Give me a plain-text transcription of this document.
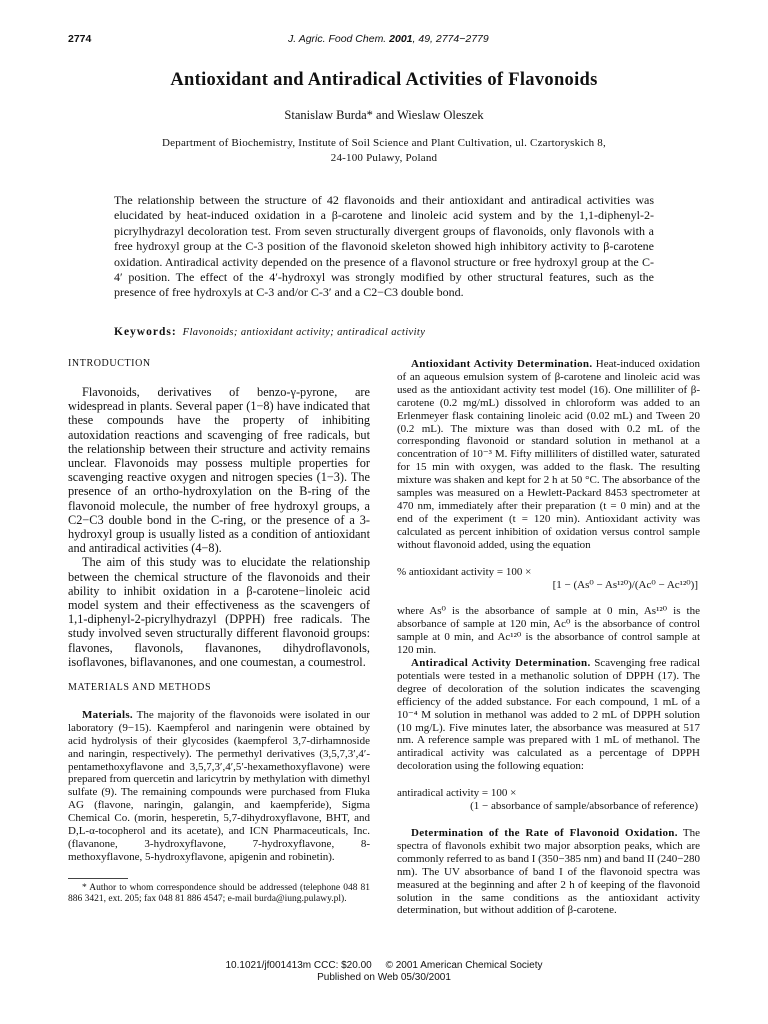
2774	J. Agric. Food Chem. 2001, 49, 2774−2779
Antioxidant and Antiradical Activities of Flavonoids
Stanislaw Burda* and Wieslaw Oleszek
Department of Biochemistry, Institute of Soil Science and Plant Cultivation, ul. Czartoryskich 8,
24-100 Pulawy, Poland
The relationship between the structure of 42 flavonoids and their antioxidant and antiradical activities was elucidated by heat-induced oxidation in a β-carotene and linoleic acid system and by the 1,1-diphenyl-2-picrylhydrazyl decoloration test. From seven structurally divergent groups of flavonoids, only flavonols with a free hydroxyl group at the C-3 position of the flavonoid skeleton showed high inhibitory activity to β-carotene oxidation. Antiradical activity depended on the presence of a flavonol structure or free hydroxyl group at the C-4′ position. The effect of the 4′-hydroxyl was strongly modified by other structural features, such as the presence of free hydroxyls at C-3 and/or C-3′ and a C2−C3 double bond.
Keywords: Flavonoids; antioxidant activity; antiradical activity

INTRODUCTION

Flavonoids, derivatives of benzo-γ-pyrone, are widespread in plants. Several paper (1−8) have indicated that these compounds have the property of inhibiting autoxidation reactions and scavenging of free radicals, but the relationship between their structure and activity remains unclear. Flavonoids may possess multiple properties for scavenging reactive oxygen and nitrogen species (1−3). The presence of an ortho-hydroxylation on the B-ring of the flavonoid molecule, the number of free hydroxyl groups, a C2−C3 double bond in the C-ring, or the presence of a 3-hydroxyl group is usually listed as a condition of antioxidant and antiradical activities (4−8).

The aim of this study was to elucidate the relationship between the chemical structure of the flavonoids and their ability to inhibit oxidation in a β-carotene−linoleic acid model system and their effectiveness as the scavengers of 1,1-diphenyl-2-picrylhydrazyl (DPPH) free radicals. The study involved seven structurally different flavonoid groups: flavones, flavonols, flavanones, dihydroflavonols, isoflavones, biflavanones, and one coumestan, a coumestrol.

MATERIALS AND METHODS

Materials. The majority of the flavonoids were isolated in our laboratory (9−15). Kaempferol and naringenin were obtained by acid hydrolysis of their glycosides (kaempferol 3,7-dirhamnoside and naringin, respectively). The permethyl derivatives (3,5,7,3′,4′-pentamethoxyflavone and 3,5,7,3′,4′,5′-hexamethoxyflavone) were prepared from quercetin and laricytrin by methylation with dimethyl sulfate (9). The remaining compounds were purchased from Fluka AG (flavone, naringin, galangin, and kaempferide), Sigma Chemical Co. (morin, hesperetin, 5,7-dihydroxyflavone, BHT, and D,L-α-tocopherol and its acetate), and ICN Pharmaceuticals, Inc. (flavanone, 3-hydroxyflavone, 7-hydroxyflavone, 8-methoxyflavone, 5-hydroxyflavone, apigenin and robinetin).

* Author to whom correspondence should be addressed (telephone 048 81 886 3421, ext. 205; fax 048 81 886 4547; e-mail burda@iung.pulawy.pl).

Antioxidant Activity Determination. Heat-induced oxidation of an aqueous emulsion system of β-carotene and linoleic acid was used as the antioxidant activity test model (16). One milliliter of β-carotene (0.2 mg/mL) dissolved in chloroform was added to an Erlenmeyer flask containing linoleic acid (0.02 mL) and Tween 20 (0.2 mL). The mixture was than dosed with 0.2 mL of the corresponding flavonoid or standard solution in methanol at a concentration of 10⁻³ M. Fifty milliliters of distilled water, saturated for 15 min with oxygen, was added to the flask. The resulting mixture was shaken and kept for 2 h at 50 °C. The absorbance of the samples was measured on a Hewlett-Packard 8453 spectrometer at 470 nm, immediately after their preparation (t = 0 min) and at the end of the experiment (t = 120 min). Antioxidant activity was calculated as percent inhibition of oxidation versus control sample without flavonoid added, using the equation

% antioxidant activity = 100 ×

[1 − (As⁰ − As¹²⁰)/(Ac⁰ − Ac¹²⁰)]

where As⁰ is the absorbance of sample at 0 min, As¹²⁰ is the absorbance of sample at 120 min, Ac⁰ is the absorbance of control sample at 0 min, and Ac¹²⁰ is the absorbance of control sample at 120 min.

Antiradical Activity Determination. Scavenging free radical potentials were tested in a methanolic solution of DPPH (17). The degree of decoloration of the solution indicates the scavenging efficiency of the added substance. For each compound, 1 mL of a 10⁻⁴ M solution in methanol was added to 2 mL of DPPH solution (10 mg/L). Five minutes later, the absorbance was measured at 517 nm. A reference sample was prepared with 1 mL of methanol. The antiradical activity was calculated as a percentage of DPPH decoloration using the following equation:

antiradical activity = 100 ×

(1 − absorbance of sample/absorbance of reference)

Determination of the Rate of Flavonoid Oxidation. The spectra of flavonols exhibit two major absorption peaks, which are commonly referred to as band I (350−385 nm) and band II (240−280 nm). The UV absorbance of band I of the flavonoid spectra was measured at the beginning and after 2 h of keeping of the flavonoid solution in the same conditions as the antioxidant activity determination, but without addition of β-carotene.

10.1021/jf001413m CCC: $20.00     © 2001 American Chemical Society
Published on Web 05/30/2001
